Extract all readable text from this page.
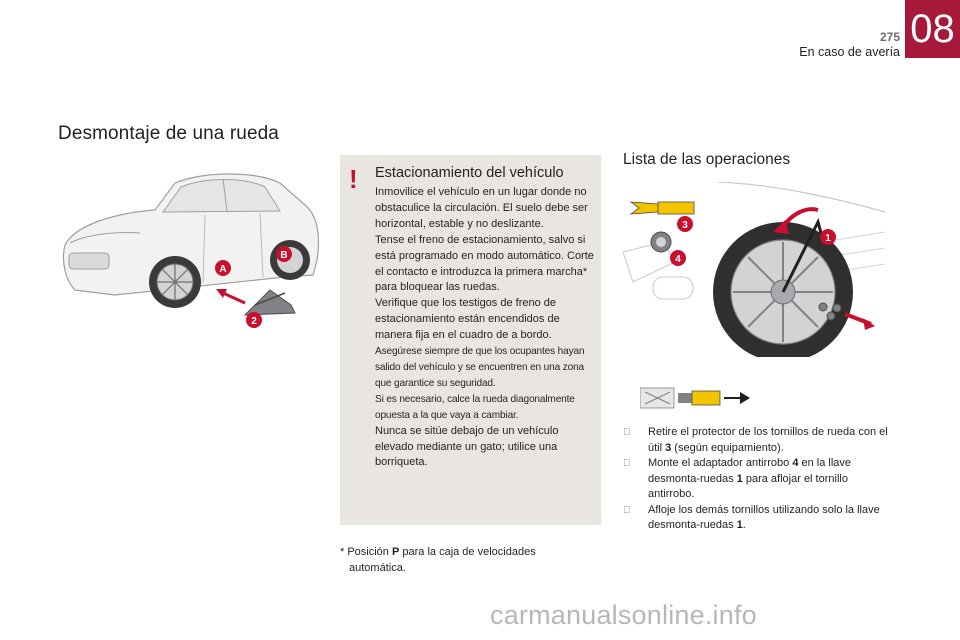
275
En caso de avería
08
Desmontaje de una rueda
A
B
2
! Estacionamiento del vehículo

Inmovilice el vehículo en un lugar donde no obstaculice la circulación. El suelo debe ser horizontal, estable y no deslizante.

Tense el freno de estacionamiento, salvo si está programado en modo automático. Corte el contacto e introduzca la primera marcha* para bloquear las ruedas.

Verifique que los testigos de freno de estacionamiento están encendidos de manera fija en el cuadro de a bordo.

Asegúrese siempre de que los ocupantes hayan salido del vehículo y se encuentren en una zona que garantice su seguridad.

Si es necesario, calce la rueda diagonalmente opuesta a la que vaya a cambiar.

Nunca se sitúe debajo de un vehículo elevado mediante un gato; utilice una borriqueta.

* Posición P para la caja de velocidades
automática.
Lista de las operaciones
1
3
4
Retire el protector de los tornillos de rueda con el útil 3 (según equipamiento).
Monte el adaptador antirrobo 4 en la llave desmonta-ruedas 1 para aflojar el tornillo antirrobo.
Afloje los demás tornillos utilizando solo la llave desmonta-ruedas 1.
carmanualsonline.info
